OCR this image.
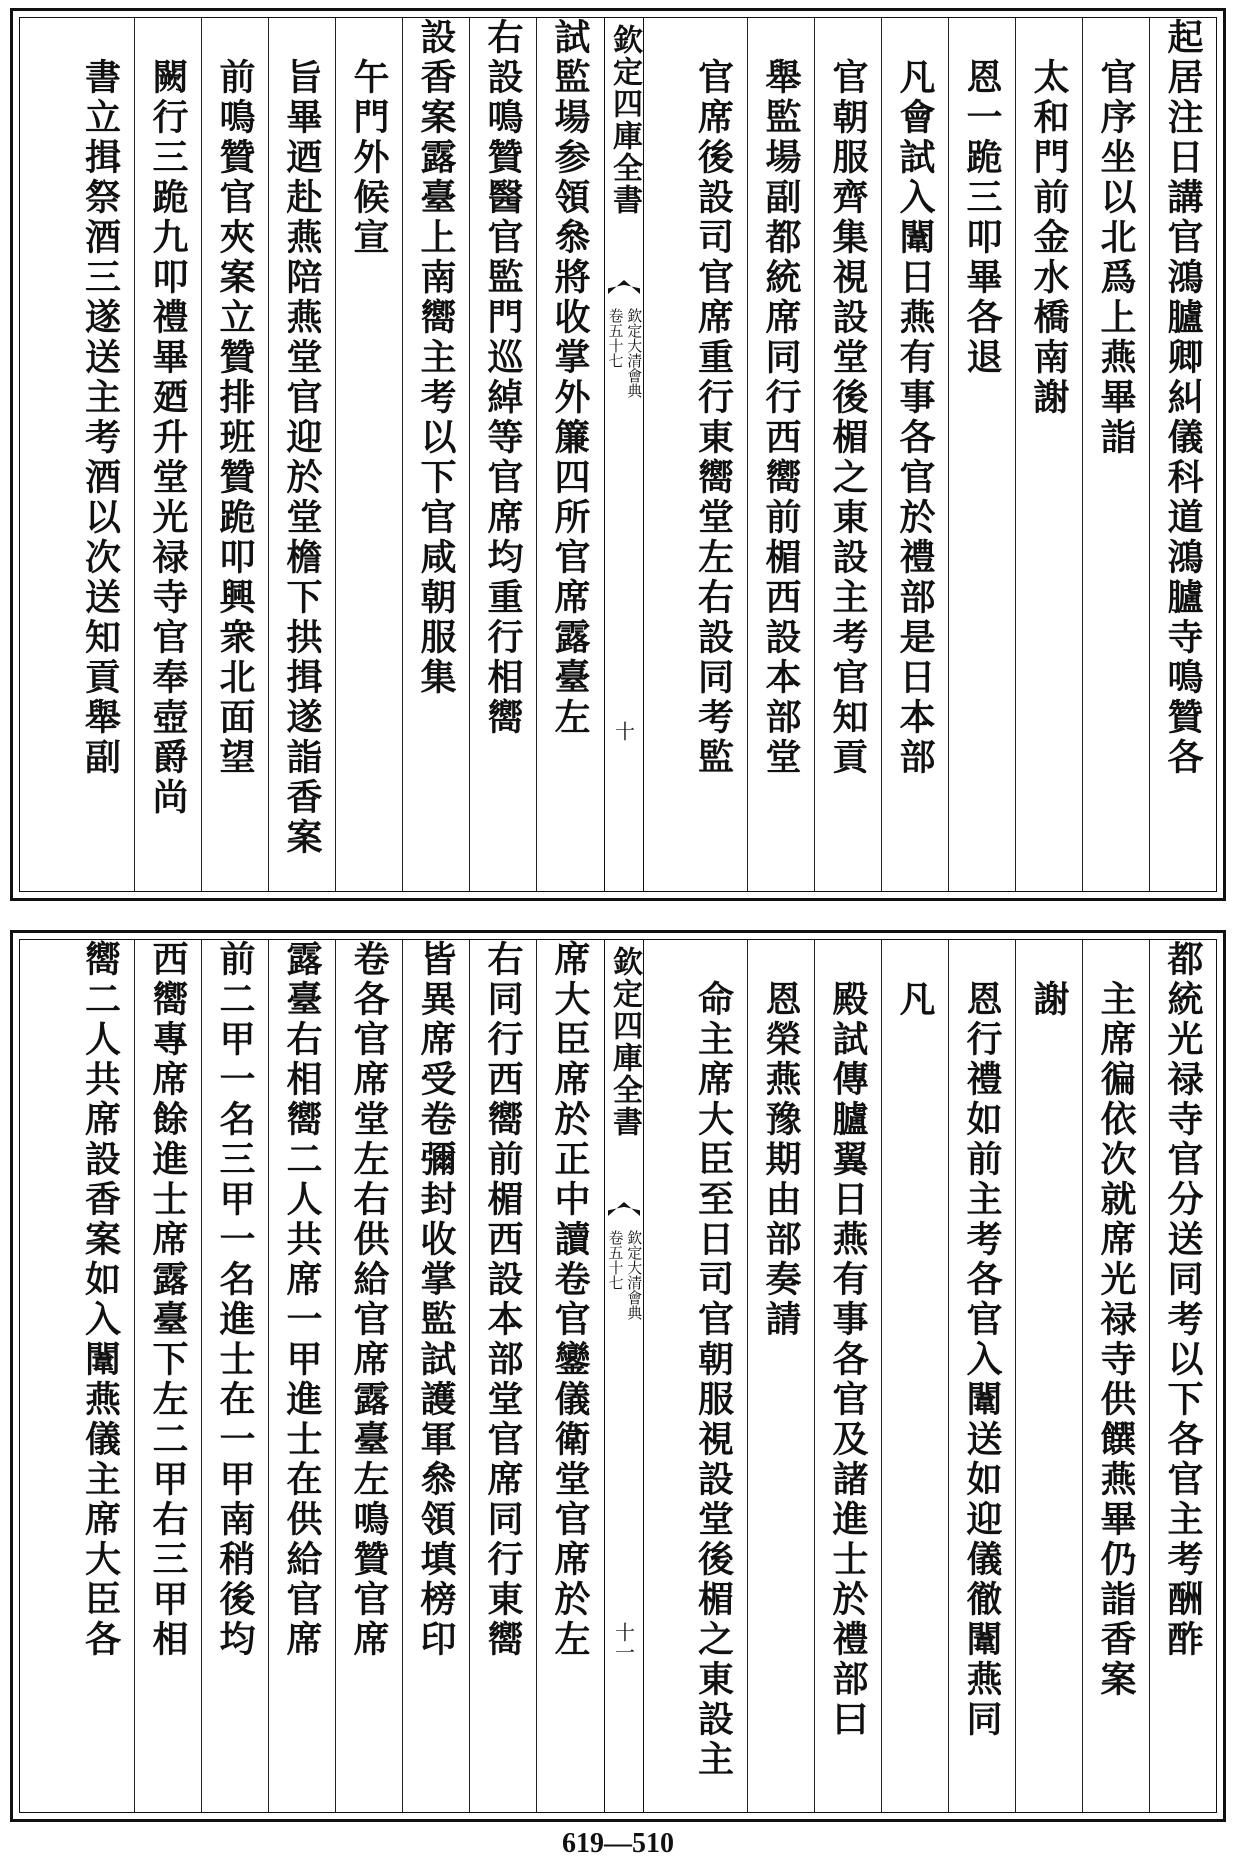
起居注日講官鴻臚卿糾儀科道鴻臚寺鳴贊各
　官序坐以北爲上燕畢詣
　太和門前金水橋南謝
　恩一跪三叩畢各退
　凡會試入闈日燕有事各官於禮部是日本部
　官朝服齊集視設堂後楣之東設主考官知貢
　舉監場副都統席同行西嚮前楣西設本部堂
　官席後設司官席重行東嚮堂左右設同考監
欽定四庫全書
欽定大清會典
卷五十七
十
試監場参領叅將收掌外簾四所官席露臺左
右設鳴贊醫官監門巡綽等官席均重行相嚮
設香案露臺上南嚮主考以下官咸朝服集
　午門外候宣
　旨畢迺赴燕陪燕堂官迎於堂檐下拱揖遂詣香案
　前鳴贊官夾案立贊排班贊跪叩興衆北面望
　闕行三跪九叩禮畢廼升堂光禄寺官奉壺爵尚
　書立揖祭酒三遂送主考酒以次送知貢舉副
都統光禄寺官分送同考以下各官主考酬酢
　主席徧依次就席光禄寺供饌燕畢仍詣香案
　謝
　恩行禮如前主考各官入闈送如迎儀徹闈燕同
　凡
　殿試傳臚翼日燕有事各官及諸進士於禮部曰
　恩榮燕豫期由部奏請
　命主席大臣至日司官朝服視設堂後楣之東設主
欽定四庫全書
欽定大清會典
卷五十七
十一
席大臣席於正中讀卷官鑾儀衛堂官席於左
右同行西嚮前楣西設本部堂官席同行東嚮
皆異席受卷彌封收掌監試護軍叅領填榜印
卷各官席堂左右供給官席露臺左鳴贊官席
露臺右相嚮二人共席一甲進士在供給官席
前二甲一名三甲一名進士在一甲南稍後均
西嚮專席餘進士席露臺下左二甲右三甲相
嚮二人共席設香案如入闈燕儀主席大臣各
619—510
